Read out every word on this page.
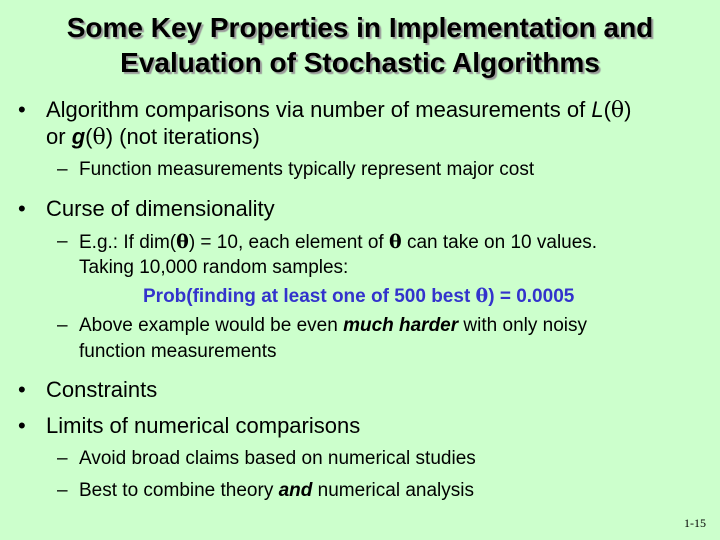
Some Key Properties in Implementation and
Evaluation of Stochastic Algorithms
• Algorithm comparisons via number of measurements of L(θ)
or g(θ) (not iterations)
– Function measurements typically represent major cost
• Curse of dimensionality
– E.g.: If dim(θ) = 10, each element of θ can take on 10 values.
Taking 10,000 random samples:
Prob(finding at least one of 500 best θ) = 0.0005
– Above example would be even much harder with only noisy
function measurements
• Constraints
• Limits of numerical comparisons
– Avoid broad claims based on numerical studies
– Best to combine theory and numerical analysis
1-15
